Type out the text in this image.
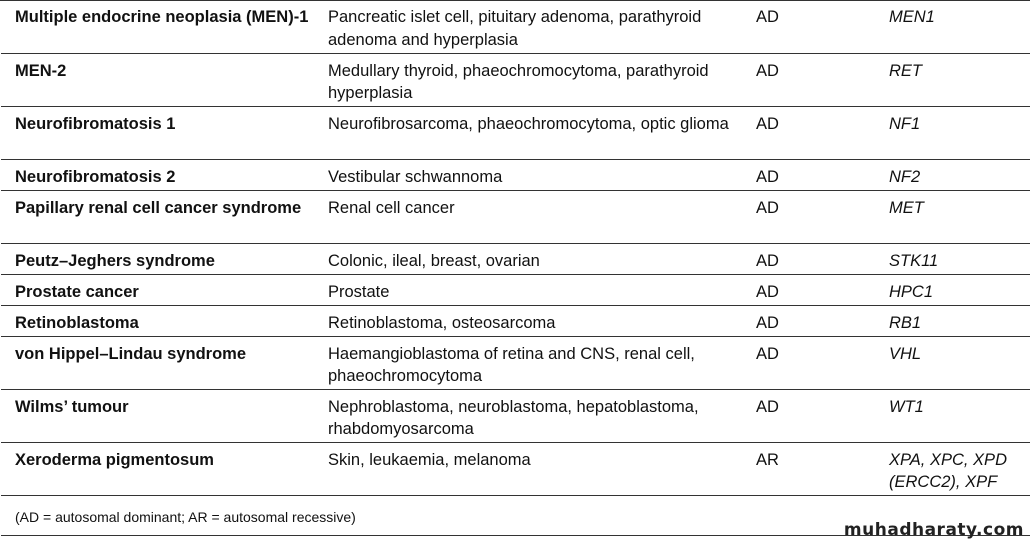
Multiple endocrine neoplasia (MEN)-1	Pancreatic islet cell, pituitary adenoma, parathyroid adenoma and hyperplasia	AD	MEN1
MEN-2	Medullary thyroid, phaeochromocytoma, parathyroid hyperplasia	AD	RET
Neurofibromatosis 1	Neurofibrosarcoma, phaeochromocytoma, optic glioma	AD	NF1
Neurofibromatosis 2	Vestibular schwannoma	AD	NF2
Papillary renal cell cancer syndrome	Renal cell cancer	AD	MET
Peutz–Jeghers syndrome	Colonic, ileal, breast, ovarian	AD	STK11
Prostate cancer	Prostate	AD	HPC1
Retinoblastoma	Retinoblastoma, osteosarcoma	AD	RB1
von Hippel–Lindau syndrome	Haemangioblastoma of retina and CNS, renal cell, phaeochromocytoma	AD	VHL
Wilms’ tumour	Nephroblastoma, neuroblastoma, hepatoblastoma, rhabdomyosarcoma	AD	WT1
Xeroderma pigmentosum	Skin, leukaemia, melanoma	AR	XPA, XPC, XPD (ERCC2), XPF
(AD = autosomal dominant; AR = autosomal recessive)			
muhadharaty.com
